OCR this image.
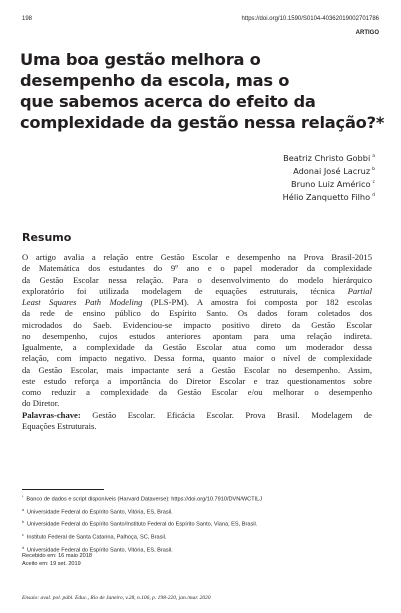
198	https://doi.org/10.1590/S0104-40362019002701786
ARTIGO
Uma boa gestão melhora o
desempenho da escola, mas o
que sabemos acerca do efeito da
complexidade da gestão nessa relação?*
Beatriz Christo Gobbi $^a$
Adonai José Lacruz $^b$
Bruno Luiz Américo $^c$
Hélio Zanquetto Filho $^d$
Resumo
O artigo avalia a relação entre Gestão Escolar e desempenho na Prova Brasil-2015
de Matemática dos estudantes do 9º ano e o papel moderador da complexidade
da Gestão Escolar nessa relação. Para o desenvolvimento do modelo hierárquico
exploratório foi utilizada modelagem de equações estruturais, técnica Partial
Least Squares Path Modeling (PLS-PM). A amostra foi composta por 182 escolas
da rede de ensino público do Espírito Santo. Os dados foram coletados dos
microdados do Saeb. Evidenciou-se impacto positivo direto da Gestão Escolar
no desempenho, cujos estudos anteriores apontam para uma relação indireta.
Igualmente, a complexidade da Gestão Escolar atua como um moderador dessa
relação, com impacto negativo. Dessa forma, quanto maior o nível de complexidade
da Gestão Escolar, mais impactante será a Gestão Escolar no desempenho. Assim,
este estudo reforça a importância do Diretor Escolar e traz questionamentos sobre
como reduzir a complexidade da Gestão Escolar e/ou melhorar o desempenho
do Diretor.
Palavras-chave: Gestão Escolar. Eficácia Escolar. Prova Brasil. Modelagem de
Equações Estruturais.
* Banco de dados e script disponíveis (Harvard Dataverse): https://doi.org/10.7910/DVN/WCTILJ
$^a$ Universidade Federal do Espírito Santo, Vitória, ES, Brasil.
$^b$ Universidade Federal do Espírito Santo/Instituto Federal do Espírito Santo, Viana, ES, Brasil.
$^c$ Instituto Federal de Santa Catarina, Palhoça, SC, Brasil.
$^d$ Universidade Federal do Espírito Santo, Vitória, ES, Brasil.
Recebido em: 16 maio 2018
Aceito em: 19 set. 2019
Ensaio: aval. pol. públ. Educ., Rio de Janeiro, v.28, n.106, p. 198-220, jan./mar. 2020
